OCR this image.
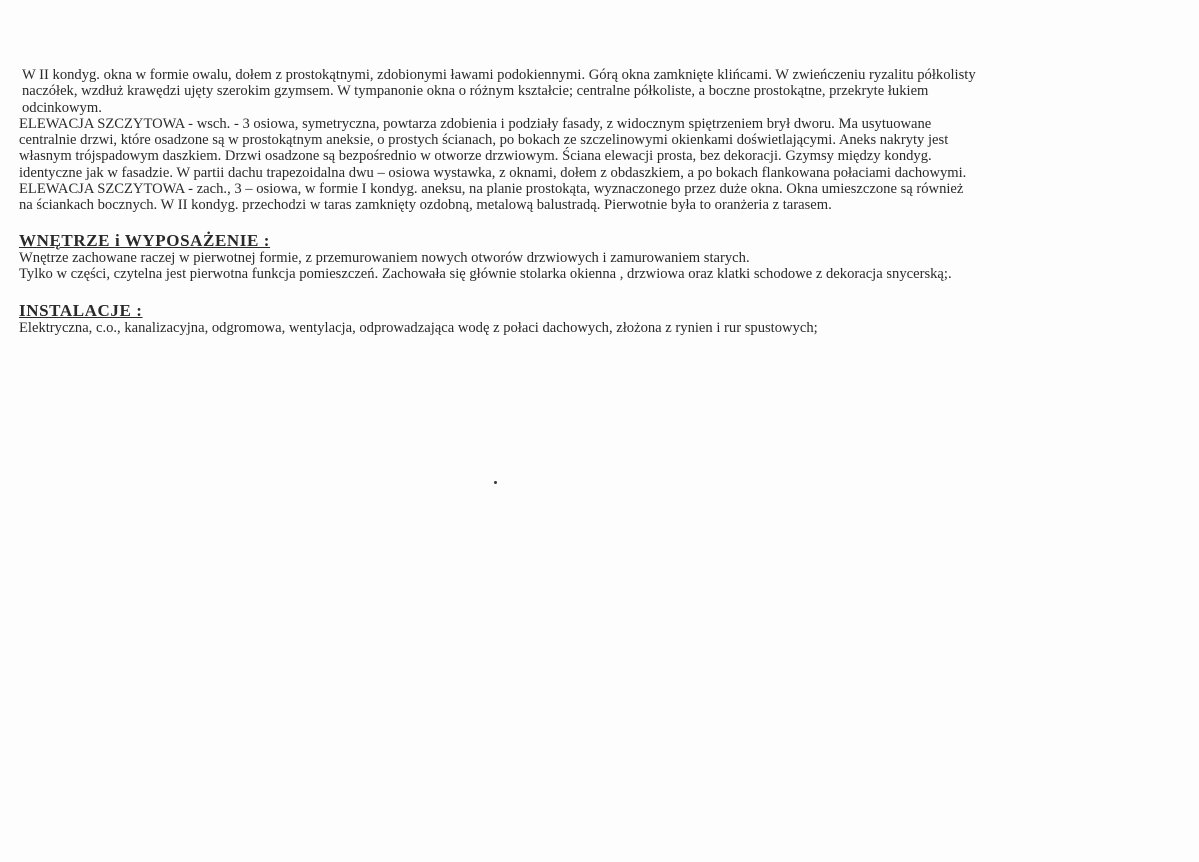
W II kondyg. okna w formie owalu, dołem z prostokątnymi, zdobionymi ławami podokiennymi. Górą okna zamknięte klińcami. W zwieńczeniu ryzalitu półkolisty

naczółek, wzdłuż krawędzi ujęty szerokim gzymsem. W tympanonie okna o różnym kształcie; centralne półkoliste, a boczne prostokątne, przekryte łukiem

odcinkowym.

ELEWACJA SZCZYTOWA - wsch. - 3 osiowa, symetryczna, powtarza zdobienia i podziały fasady, z widocznym spiętrzeniem brył dworu. Ma usytuowane

centralnie drzwi, które osadzone są w prostokątnym aneksie, o prostych ścianach, po bokach ze szczelinowymi okienkami doświetlającymi. Aneks nakryty jest

własnym trójspadowym daszkiem. Drzwi osadzone są bezpośrednio w otworze drzwiowym. Ściana elewacji prosta, bez dekoracji. Gzymsy między kondyg.

identyczne jak w fasadzie. W partii dachu trapezoidalna dwu – osiowa wystawka, z oknami, dołem z obdaszkiem, a po bokach flankowana połaciami dachowymi.

ELEWACJA SZCZYTOWA - zach., 3 – osiowa, w formie I kondyg. aneksu, na planie prostokąta, wyznaczonego przez duże okna. Okna umieszczone są również

na ściankach bocznych. W II kondyg. przechodzi w taras zamknięty ozdobną, metalową balustradą. Pierwotnie była to oranżeria z tarasem.

WNĘTRZE i WYPOSAŻENIE :

Wnętrze zachowane raczej w pierwotnej formie, z przemurowaniem nowych otworów drzwiowych i zamurowaniem starych.

Tylko w części, czytelna jest pierwotna funkcja pomieszczeń. Zachowała się głównie stolarka okienna , drzwiowa oraz klatki schodowe z dekoracja snycerską;.

INSTALACJE :

Elektryczna, c.o., kanalizacyjna, odgromowa, wentylacja, odprowadzająca wodę z połaci dachowych, złożona z rynien i rur spustowych;
